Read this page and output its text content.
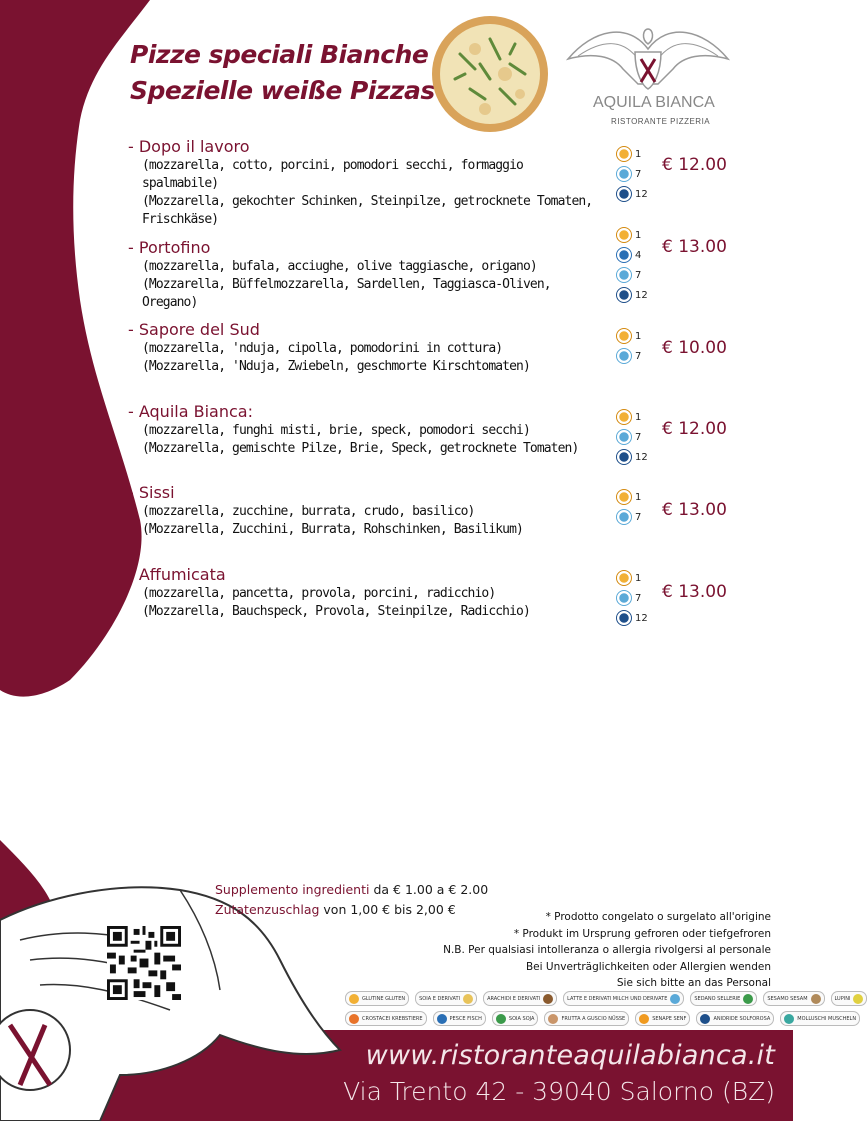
Pizze speciali Bianche
Spezielle weiße Pizzas	AQUILA BIANCA
RISTORANTE PIZZERIA
- Dopo il lavoro
(mozzarella, cotto, porcini, pomodori secchi, formaggio spalmabile)
(Mozzarella, gekochter Schinken, Steinpilze, getrocknete Tomaten,
Frischkäse)
1
7
12
€ 12.00
- Portofino
(mozzarella, bufala, acciughe, olive taggiasche, origano)
(Mozzarella, Büffelmozzarella, Sardellen, Taggiasca-Oliven, Oregano)
1
4
7
12
€ 13.00
- Sapore del Sud
(mozzarella, 'nduja, cipolla, pomodorini in cottura)
(Mozzarella, 'Nduja, Zwiebeln, geschmorte Kirschtomaten)
1
7 € 10.00
- Aquila Bianca:
(mozzarella, funghi misti, brie, speck, pomodori secchi)
(Mozzarella, gemischte Pilze, Brie, Speck, getrocknete Tomaten)
1
7
12
€ 12.00
- Sissi
(mozzarella, zucchine, burrata, crudo, basilico)
(Mozzarella, Zucchini, Burrata, Rohschinken, Basilikum)
1
7 € 13.00
- Affumicata
(mozzarella, pancetta, provola, porcini, radicchio)
(Mozzarella, Bauchspeck, Provola, Steinpilze, Radicchio)
1
7
12
€ 13.00
Supplemento ingredienti da € 1.00 a € 2.00
Zutatenzuschlag von 1,00 € bis 2,00 €	* Prodotto congelato o surgelato all'origine
* Produkt im Ursprung gefroren oder tiefgefroren
N.B. Per qualsiasi intolleranza o allergia rivolgersi al personale
Bei Unverträglichkeiten oder Allergien wenden
Sie sich bitte an das Personal
GLUTINE GLUTEN	SOIA E DERIVATI	ARACHIDI E DERIVATI	LATTE E DERIVATI MILCH UND DERIVATE	SEDANO SELLERIE	SESAMO SESAM	LUPINI
CROSTACEI KREBSTIERE	PESCE FISCH	SOIA SOJA	FRUTTA A GUSCIO NÜSSE	SENAPE SENF	ANIDRIDE SOLFOROSA	MOLLUSCHI MUSCHELN
www.ristoranteaquilabianca.it
Via Trento 42 - 39040 Salorno (BZ)
